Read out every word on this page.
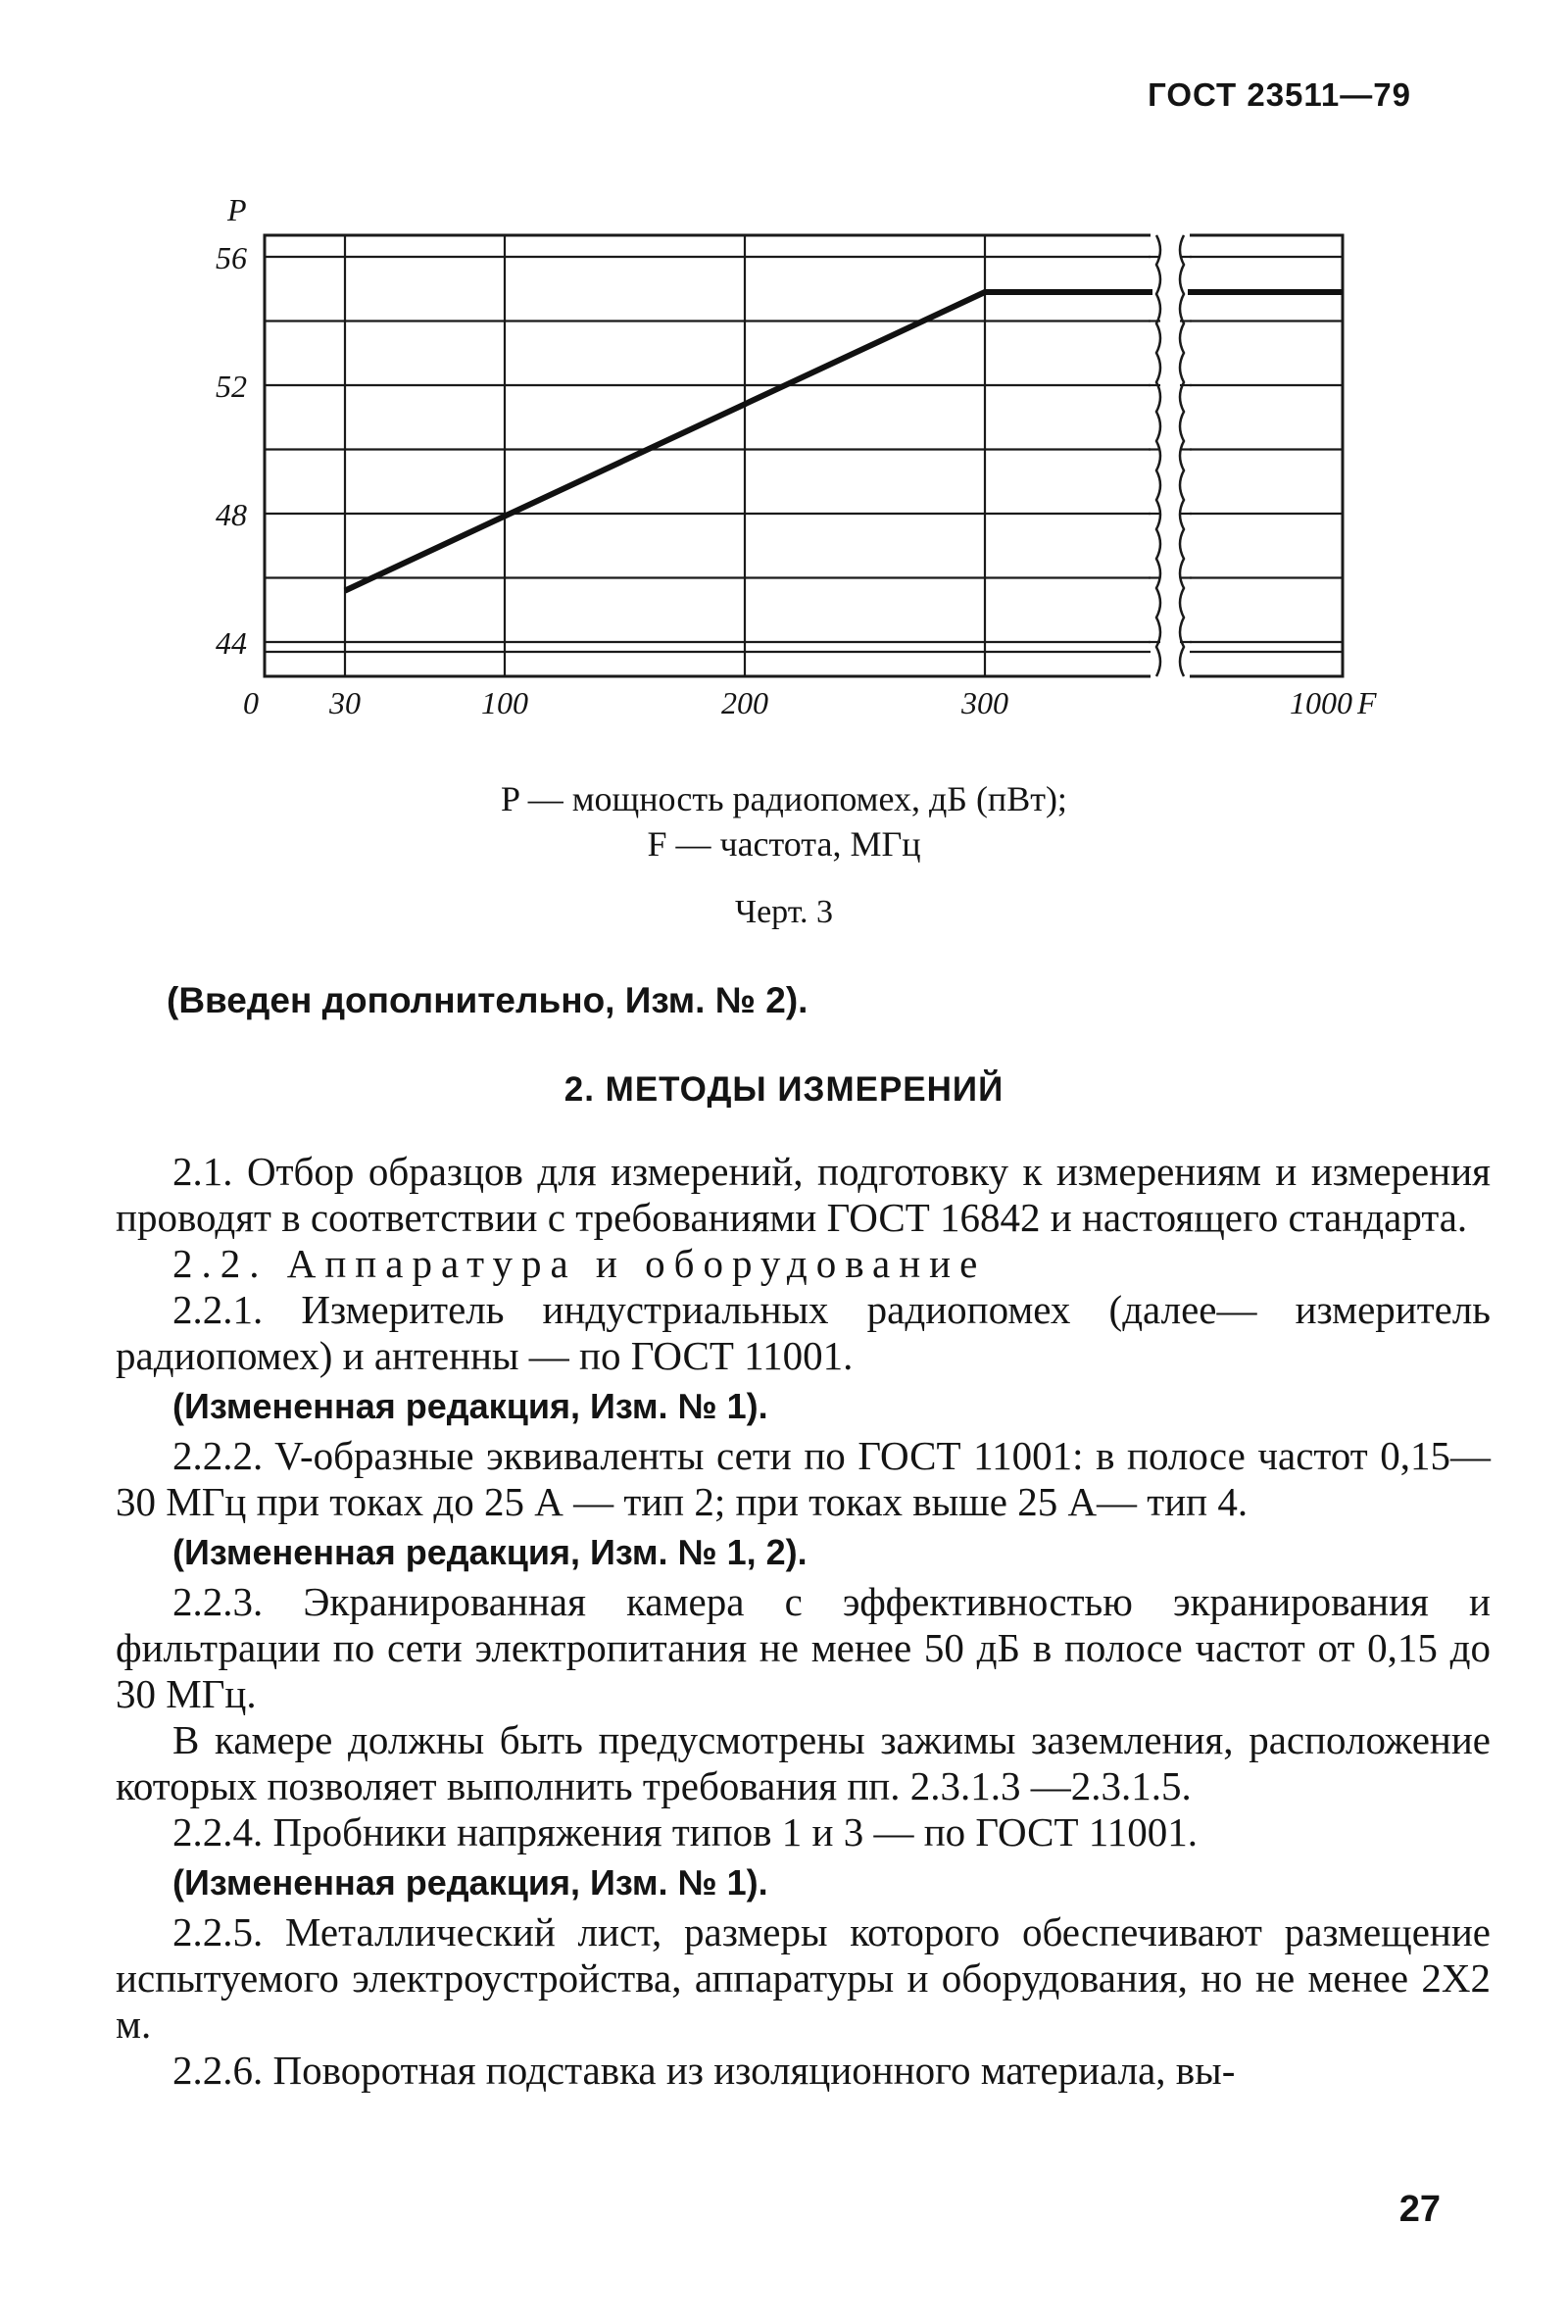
ГОСТ 23511—79
P
F
56
52
48
44
0 30	100	200	300	1000
P — мощность радиопомех, дБ (пВт);
F — частота, МГц
Черт. 3
(Введен дополнительно, Изм. № 2).
2. МЕТОДЫ ИЗМЕРЕНИЙ

2.1. Отбор образцов для измерений, подготовку к измерениям и измерения проводят в соответствии с требованиями ГОСТ 16842 и настоящего стандарта.

2.2. Аппаратура и оборудование

2.2.1. Измеритель индустриальных радиопомех (далее— измеритель радиопомех) и антенны — по ГОСТ 11001.

(Измененная редакция, Изм. № 1).

2.2.2. V-образные эквиваленты сети по ГОСТ 11001: в полосе частот 0,15—30 МГц при токах до 25 А — тип 2; при токах выше 25 А— тип 4.

(Измененная редакция, Изм. № 1, 2).

2.2.3. Экранированная камера с эффективностью экранирования и фильтрации по сети электропитания не менее 50 дБ в полосе частот от 0,15 до 30 МГц.

В камере должны быть предусмотрены зажимы заземления, расположение которых позволяет выполнить требования пп. 2.3.1.3 —2.3.1.5.

2.2.4. Пробники напряжения типов 1 и 3 — по ГОСТ 11001.

(Измененная редакция, Изм. № 1).

2.2.5. Металлический лист, размеры которого обеспечивают размещение испытуемого электроустройства, аппаратуры и оборудования, но не менее 2Х2 м.

2.2.6. Поворотная подставка из изоляционного материала, вы-

27
